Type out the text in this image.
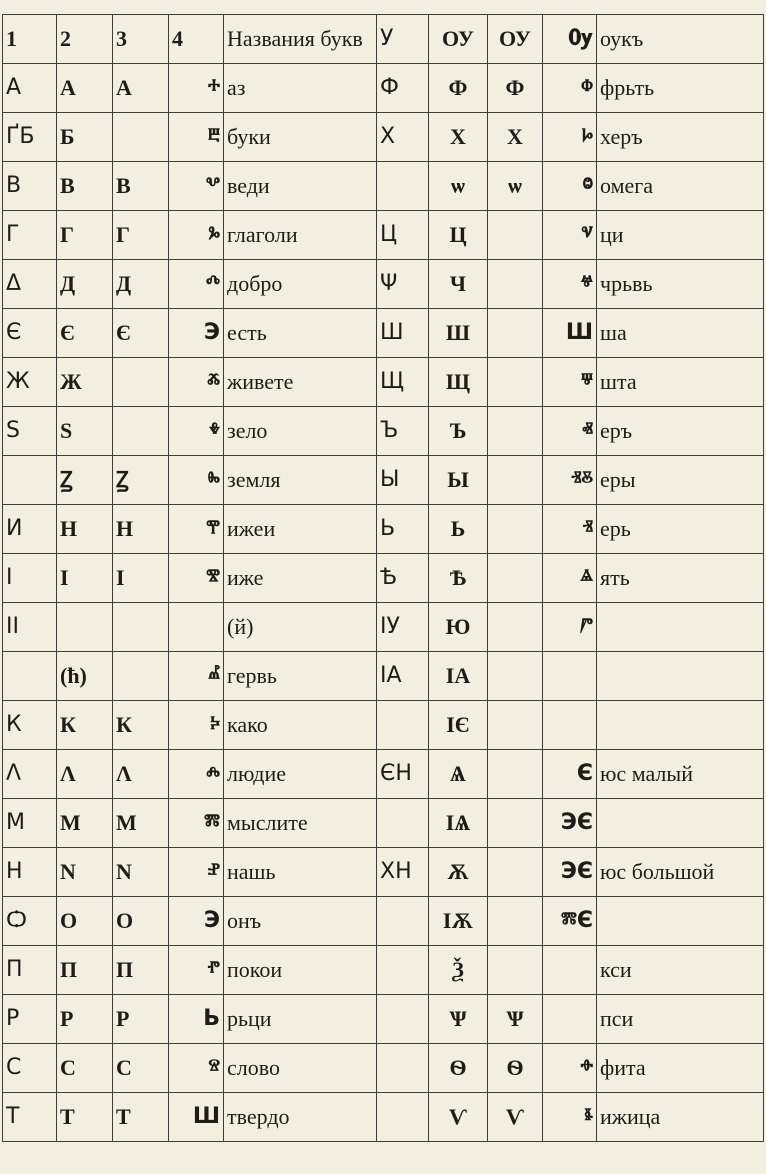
1	2	3	4	Названия букв	У	ОУ	ОУ	Ѹ	оукъ
А	А	А	ⰰ	аз	Ф	Ф	Ф	ⱇ	фрьть
ҐБ	Б		ⰱ	буки	Х	Х	Х	ⱈ	херъ
В	В	В	ⰲ	веди		ѡ	ѡ	ⱉ	омега
Г	Г	Г	ⰳ	глаголи	Ц	Ц		ⱌ	ци
Δ	Д	Д	ⰴ	добро	Ψ	Ч		ⱍ	чрьвь
Є	Є	Є	Э	есть	Ш	Ш		Ш	ша
Ж	Ж		ⰶ	живете	Щ	Щ		ⱋ	шта
Ѕ	Ѕ		ⰷ	зело	Ъ	Ъ		ⱏ	еръ
	Ꙁ	Ꙁ	ⰸ	земля	Ы	Ы		ⱐⰻ	еры
И	Н	Н	ⰹ	ижеи	Ь	Ь		ⱐ	ерь
І	І	І	ⰺ	иже	Ѣ	Ѣ		ⱑ	ять
ІІ				(й)	ІУ	Ю		ⱓ	
	(ћ)		ⰼ	гервь	ІА	ІА			
К	К	К	ⰽ	како		ІЄ			
Λ	Λ	Λ	ⰾ	людие	ЄН	Ѧ		Є	юс малый
М	М	М	ⰿ	мыслите		ІѦ		ЭЄ	
Н	N	N	ⱀ	нашь	ХН	Ѫ		ЭЄ	юс большой
Ѻ	О	О	Э	онъ		ІѪ		ⰿЄ	
П	П	П	ⱂ	покои		Ѯ			кси
Р	Р	Р	Ь	рьци		Ѱ	Ѱ		пси
С	С	С	ⱄ	слово		Ѳ	Ѳ	ⱚ	фита
Т	Т	Т	Ш	твердо		Ѵ	Ѵ	ⱛ	ижица
